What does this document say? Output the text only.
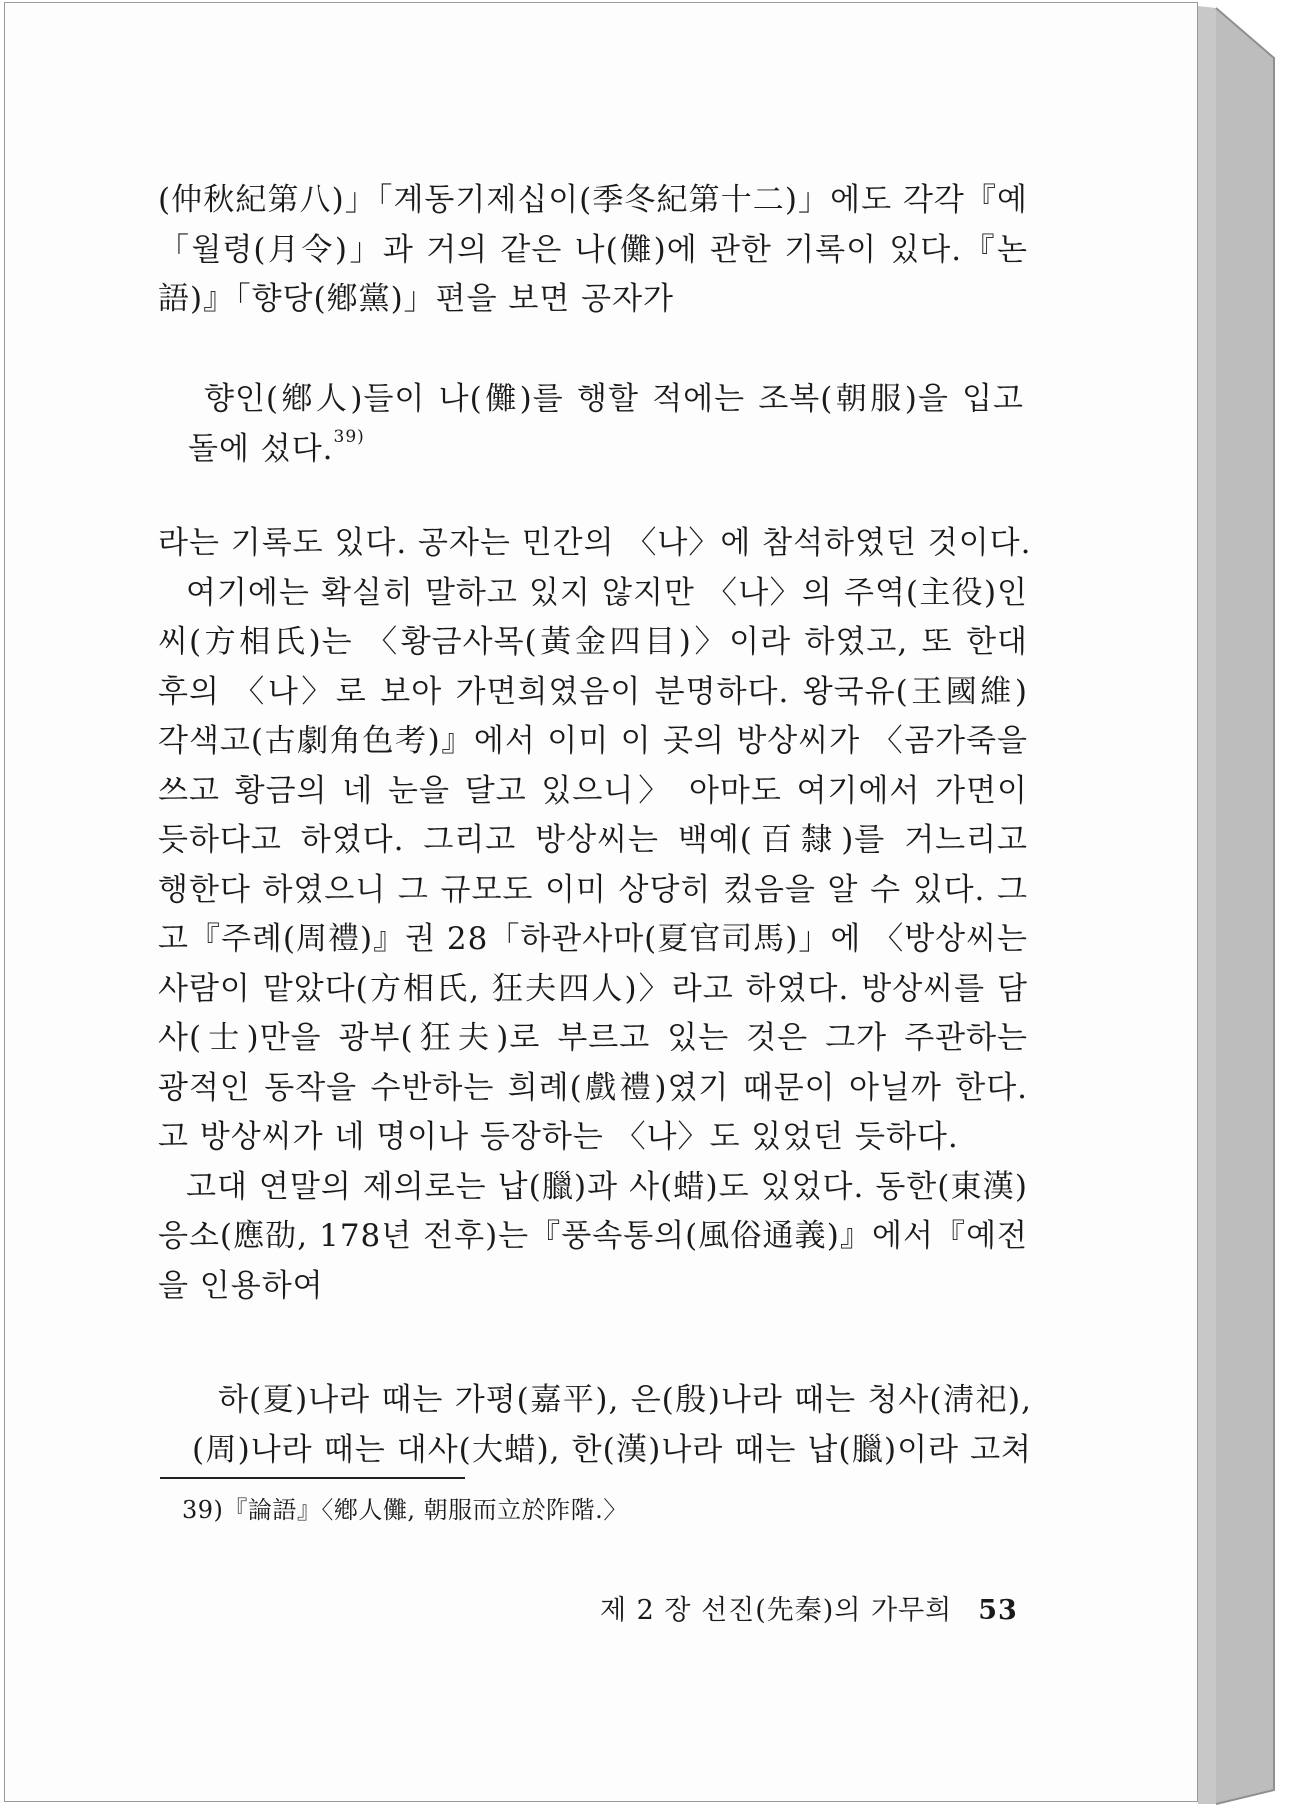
(仲秋紀第八)」「계동기제십이(季冬紀第十二)」에도 각각『예
「월령(月令)」과 거의 같은 나(儺)에 관한 기록이 있다.『논
語)』「향당(鄕黨)」편을 보면 공자가
향인(鄕人)들이 나(儺)를 행할 적에는 조복(朝服)을 입고
돌에 섰다.$^{39)}$
라는 기록도 있다. 공자는 민간의 〈나〉에 참석하였던 것이다.
여기에는 확실히 말하고 있지 않지만 〈나〉의 주역(主役)인
씨(方相氏)는 〈황금사목(黃金四目)〉이라 하였고, 또 한대
후의 〈나〉로 보아 가면희였음이 분명하다. 왕국유(王國維)
각색고(古劇角色考)』에서 이미 이 곳의 방상씨가 〈곰가죽을
쓰고 황금의 네 눈을 달고 있으니〉 아마도 여기에서 가면이
듯하다고 하였다. 그리고 방상씨는 백예(百隸)를 거느리고
행한다 하였으니 그 규모도 이미 상당히 컸음을 알 수 있다. 그
고『주례(周禮)』권 28「하관사마(夏官司馬)」에 〈방상씨는
사람이 맡았다(方相氏, 狂夫四人)〉라고 하였다. 방상씨를 담
사(士)만을 광부(狂夫)로 부르고 있는 것은 그가 주관하는
광적인 동작을 수반하는 희례(戲禮)였기 때문이 아닐까 한다.
고 방상씨가 네 명이나 등장하는 〈나〉도 있었던 듯하다.
고대 연말의 제의로는 납(臘)과 사(蜡)도 있었다. 동한(東漢)
응소(應劭, 178년 전후)는『풍속통의(風俗通義)』에서『예전
을 인용하여
하(夏)나라 때는 가평(嘉平), 은(殷)나라 때는 청사(淸祀),
(周)나라 때는 대사(大蜡), 한(漢)나라 때는 납(臘)이라 고쳐
39)『論語』〈鄕人儺, 朝服而立於阼階.〉
제 2 장 선진(先秦)의 가무희 53
